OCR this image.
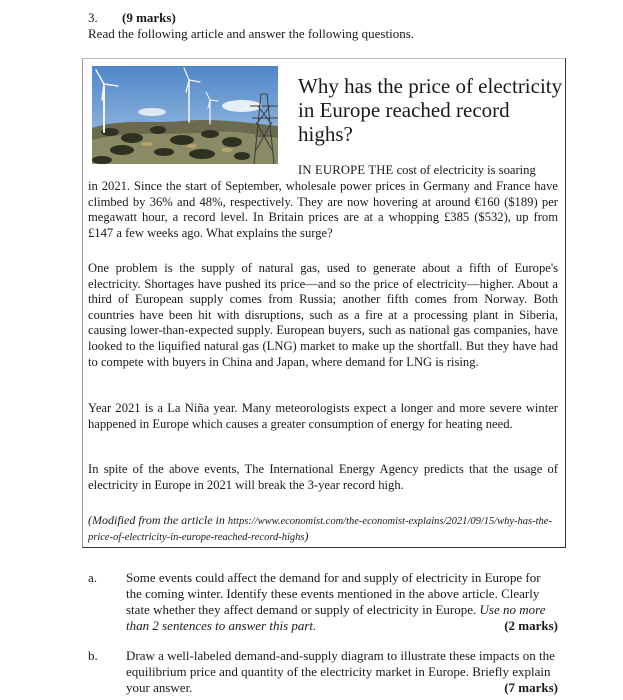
3. (9 marks)
Read the following article and answer the following questions.
Why has the price of electricity in Europe reached record highs?
IN EUROPE THE cost of electricity is soaring
in 2021. Since the start of September, wholesale power prices in Germany and France have climbed by 36% and 48%, respectively. They are now hovering at around €160 ($189) per megawatt hour, a record level. In Britain prices are at a whopping £385 ($532), up from £147 a few weeks ago. What explains the surge?
One problem is the supply of natural gas, used to generate about a fifth of Europe's electricity. Shortages have pushed its price—and so the price of electricity—higher. About a third of European supply comes from Russia; another fifth comes from Norway. Both countries have been hit with disruptions, such as a fire at a processing plant in Siberia, causing lower-than-expected supply. European buyers, such as national gas companies, have looked to the liquified natural gas (LNG) market to make up the shortfall. But they have had to compete with buyers in China and Japan, where demand for LNG is rising.
Year 2021 is a La Niña year. Many meteorologists expect a longer and more severe winter happened in Europe which causes a greater consumption of energy for heating need.
In spite of the above events, The International Energy Agency predicts that the usage of electricity in Europe in 2021 will break the 3-year record high.
(Modified from the article in https://www.economist.com/the-economist-explains/2021/09/15/why-has-the-price-of-electricity-in-europe-reached-record-highs)
a. Some events could affect the demand for and supply of electricity in Europe for the coming winter. Identify these events mentioned in the above article. Clearly state whether they affect demand or supply of electricity in Europe. Use no more than 2 sentences to answer this part.	(2 marks)
b. Draw a well-labeled demand-and-supply diagram to illustrate these impacts on the equilibrium price and quantity of the electricity market in Europe. Briefly explain your answer.	(7 marks)
